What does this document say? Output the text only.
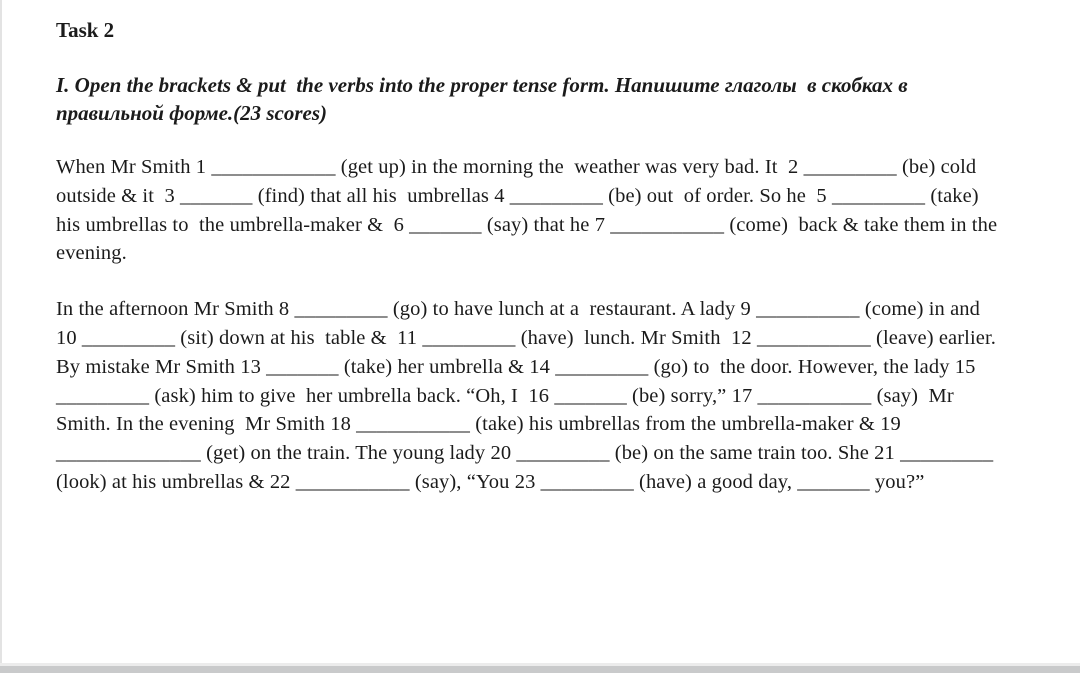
Task 2
I. Open the brackets & put  the verbs into the proper tense form. Напишите глаголы  в скобках в
правильной форме.(23 scores)
When Mr Smith 1 ____________ (get up) in the morning the  weather was very bad. It  2 _________ (be) cold
outside & it  3 _______ (find) that all his  umbrellas 4 _________ (be) out  of order. So he  5 _________ (take)
his umbrellas to  the umbrella-maker &  6 _______ (say) that he 7 ___________ (come)  back & take them in the
evening.
In the afternoon Mr Smith 8 _________ (go) to have lunch at a  restaurant. A lady 9 __________ (come) in and
10 _________ (sit) down at his  table &  11 _________ (have)  lunch. Mr Smith  12 ___________ (leave) earlier.
By mistake Mr Smith 13 _______ (take) her umbrella & 14 _________ (go) to  the door. However, the lady 15
_________ (ask) him to give  her umbrella back. “Oh, I  16 _______ (be) sorry,” 17 ___________ (say)  Mr
Smith. In the evening  Mr Smith 18 ___________ (take) his umbrellas from the umbrella-maker & 19
______________ (get) on the train. The young lady 20 _________ (be) on the same train too. She 21 _________
(look) at his umbrellas & 22 ___________ (say), “You 23 _________ (have) a good day, _______ you?”
